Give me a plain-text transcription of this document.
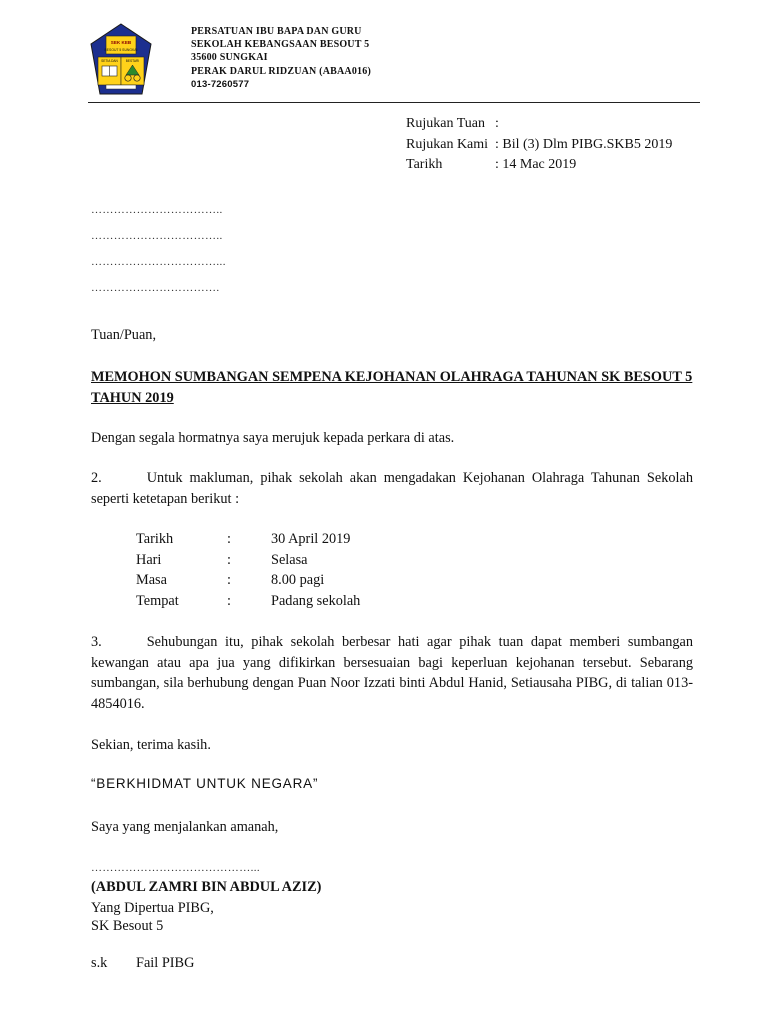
SEK KEB
BESOUT 5 SUNGKAI
SETIA DAN BESTARI
PERSATUAN IBU BAPA DAN GURU
SEKOLAH KEBANGSAAN BESOUT 5
35600 SUNGKAI
PERAK DARUL RIDZUAN (ABAA016)
013-7260577
Rujukan Tuan :
Rujukan Kami : Bil (3) Dlm PIBG.SKB5 2019
Tarikh	: 14 Mac 2019
……………………………..
……………………………..
……………………………...
…………………………….
Tuan/Puan,
MEMOHON SUMBANGAN SEMPENA KEJOHANAN OLAHRAGA TAHUNAN SK BESOUT 5 TAHUN 2019
Dengan segala hormatnya saya merujuk kepada perkara di atas.
2.	Untuk makluman, pihak sekolah akan mengadakan Kejohanan Olahraga Tahunan Sekolah seperti ketetapan berikut :
Tarikh	:	30 April 2019
Hari	:	Selasa
Masa	:	8.00 pagi
Tempat	:	Padang sekolah
3.	Sehubungan itu, pihak sekolah berbesar hati agar pihak tuan dapat memberi sumbangan kewangan atau apa jua yang difikirkan bersesuaian bagi keperluan kejohanan tersebut. Sebarang sumbangan, sila berhubung dengan Puan Noor Izzati binti Abdul Hanid, Setiausaha PIBG, di talian 013-4854016.
Sekian, terima kasih.
“BERKHIDMAT UNTUK NEGARA”
Saya yang menjalankan amanah,
……………………………………...
(ABDUL ZAMRI BIN ABDUL AZIZ)
Yang Dipertua PIBG,
SK Besout 5
s.k Fail PIBG
